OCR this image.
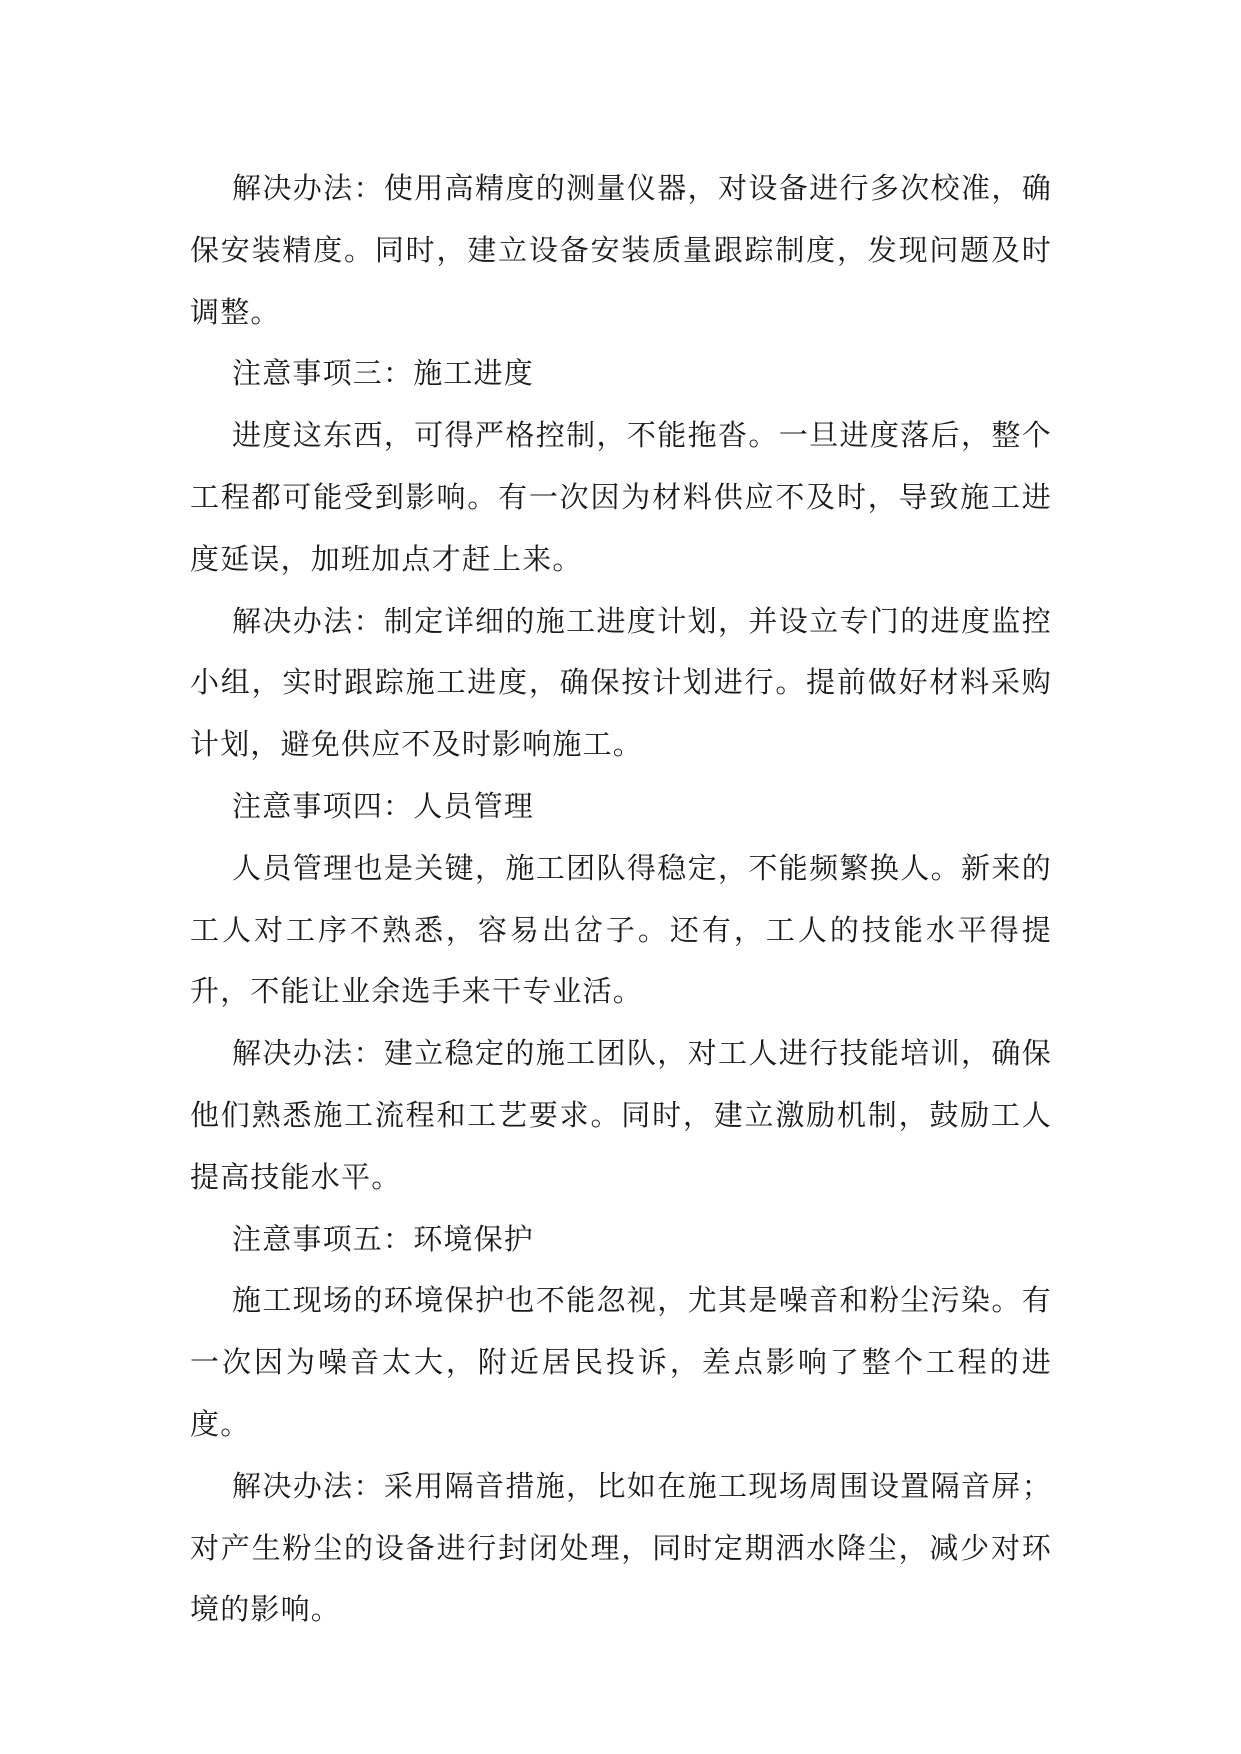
解决办法：使用高精度的测量仪器，对设备进行多次校准，确保安装精度。同时，建立设备安装质量跟踪制度，发现问题及时调整。

注意事项三：施工进度

进度这东西，可得严格控制，不能拖沓。一旦进度落后，整个工程都可能受到影响。有一次因为材料供应不及时，导致施工进度延误，加班加点才赶上来。

解决办法：制定详细的施工进度计划，并设立专门的进度监控小组，实时跟踪施工进度，确保按计划进行。提前做好材料采购计划，避免供应不及时影响施工。

注意事项四：人员管理

人员管理也是关键，施工团队得稳定，不能频繁换人。新来的工人对工序不熟悉，容易出岔子。还有，工人的技能水平得提升，不能让业余选手来干专业活。

解决办法：建立稳定的施工团队，对工人进行技能培训，确保他们熟悉施工流程和工艺要求。同时，建立激励机制，鼓励工人提高技能水平。

注意事项五：环境保护

施工现场的环境保护也不能忽视，尤其是噪音和粉尘污染。有一次因为噪音太大，附近居民投诉，差点影响了整个工程的进度。

解决办法：采用隔音措施，比如在施工现场周围设置隔音屏；对产生粉尘的设备进行封闭处理，同时定期洒水降尘，减少对环境的影响。
